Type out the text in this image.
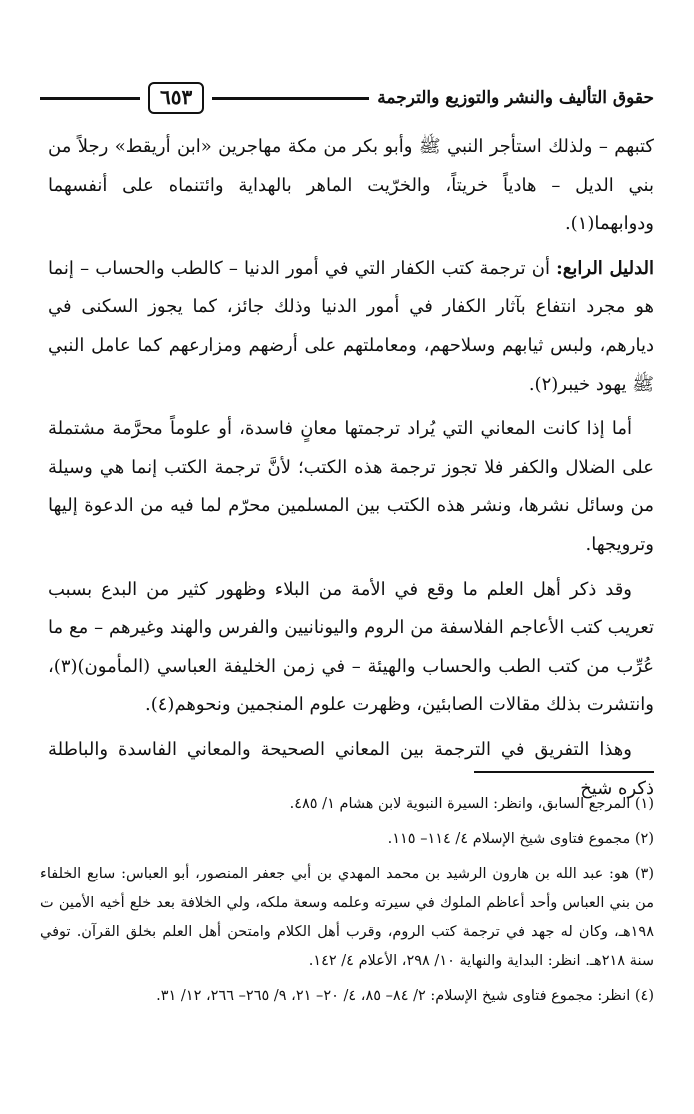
حقوق التأليف والنشر والتوزيع والترجمة
٦٥٣

كتبهم – ولذلك استأجر النبي ﷺ وأبو بكر من مكة مهاجرين «ابن أريقط» رجلاً من بني الديل – هادياً خريتاً، والخرّيت الماهر بالهداية وائتنماه على أنفسهما ودوابهما(١).

الدليل الرابع: أن ترجمة كتب الكفار التي في أمور الدنيا – كالطب والحساب – إنما هو مجرد انتفاع بآثار الكفار في أمور الدنيا وذلك جائز، كما يجوز السكنى في ديارهم، ولبس ثيابهم وسلاحهم، ومعاملتهم على أرضهم ومزارعهم كما عامل النبي ﷺ يهود خيبر(٢).

أما إذا كانت المعاني التي يُراد ترجمتها معانٍ فاسدة، أو علوماً محرَّمة مشتملة على الضلال والكفر فلا تجوز ترجمة هذه الكتب؛ لأنَّ ترجمة الكتب إنما هي وسيلة من وسائل نشرها، ونشر هذه الكتب بين المسلمين محرّم لما فيه من الدعوة إليها وترويجها.

وقد ذكر أهل العلم ما وقع في الأمة من البلاء وظهور كثير من البدع بسبب تعريب كتب الأعاجم الفلاسفة من الروم واليونانيين والفرس والهند وغيرهم – مع ما عُرِّب من كتب الطب والحساب والهيئة – في زمن الخليفة العباسي (المأمون)(٣)، وانتشرت بذلك مقالات الصابئين، وظهرت علوم المنجمين ونحوهم(٤).

وهذا التفريق في الترجمة بين المعاني الصحيحة والمعاني الفاسدة والباطلة ذكره شيخ

(١) المرجع السابق، وانظر: السيرة النبوية لابن هشام ١/ ٤٨٥.

(٢) مجموع فتاوى شيخ الإسلام ٤/ ١١٤– ١١٥.

(٣) هو: عبد الله بن هارون الرشيد بن محمد المهدي بن أبي جعفر المنصور، أبو العباس: سابع الخلفاء من بني العباس وأحد أعاظم الملوك في سيرته وعلمه وسعة ملكه، ولي الخلافة بعد خلع أخيه الأمين ت ١٩٨هـ، وكان له جهد في ترجمة كتب الروم، وقرب أهل الكلام وامتحن أهل العلم بخلق القرآن. توفي سنة ٢١٨هـ. انظر: البداية والنهاية ١٠/ ٢٩٨، الأعلام ٤/ ١٤٢.

(٤) انظر: مجموع فتاوى شيخ الإسلام: ٢/ ٨٤– ٨٥، ٤/ ٢٠– ٢١، ٩/ ٢٦٥– ٢٦٦، ١٢/ ٣١.
